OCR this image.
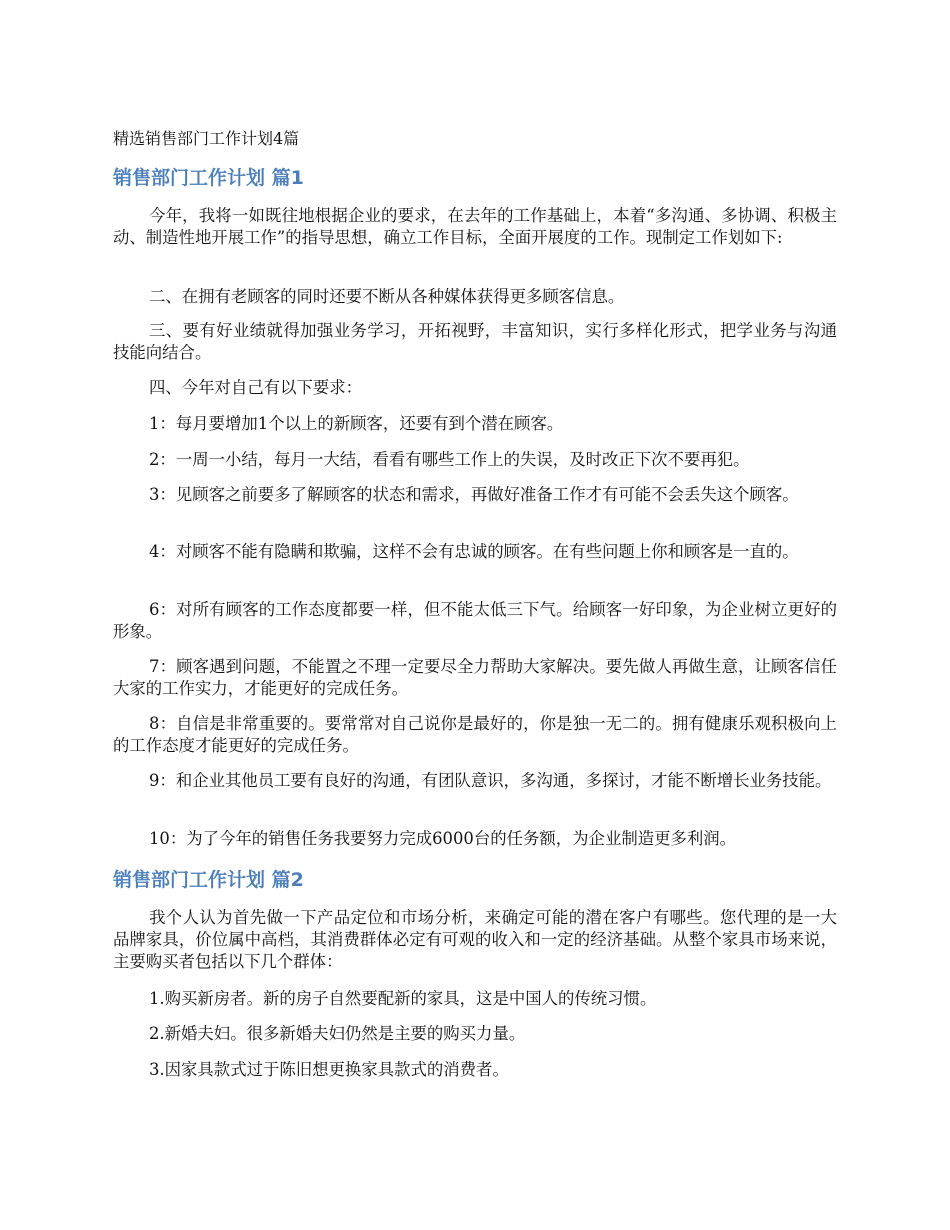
精选销售部门工作计划4篇

销售部门工作计划 篇1

今年，我将一如既往地根据企业的要求，在去年的工作基础上，本着“多沟通、多协调、积极主动、制造性地开展工作”的指导思想，确立工作目标，全面开展度的工作。现制定工作划如下:

二、在拥有老顾客的同时还要不断从各种媒体获得更多顾客信息。

三、要有好业绩就得加强业务学习，开拓视野，丰富知识，实行多样化形式，把学业务与沟通技能向结合。

四、今年对自己有以下要求：

1：每月要增加1个以上的新顾客，还要有到个潜在顾客。

2：一周一小结，每月一大结，看看有哪些工作上的失误，及时改正下次不要再犯。

3：见顾客之前要多了解顾客的状态和需求，再做好准备工作才有可能不会丢失这个顾客。

4：对顾客不能有隐瞒和欺骗，这样不会有忠诚的顾客。在有些问题上你和顾客是一直的。

6：对所有顾客的工作态度都要一样，但不能太低三下气。给顾客一好印象，为企业树立更好的形象。

7：顾客遇到问题，不能置之不理一定要尽全力帮助大家解决。要先做人再做生意，让顾客信任大家的工作实力，才能更好的完成任务。

8：自信是非常重要的。要常常对自己说你是最好的，你是独一无二的。拥有健康乐观积极向上的工作态度才能更好的完成任务。

9：和企业其他员工要有良好的沟通，有团队意识，多沟通，多探讨，才能不断增长业务技能。

10：为了今年的销售任务我要努力完成6000台的任务额，为企业制造更多利润。

销售部门工作计划 篇2

我个人认为首先做一下产品定位和市场分析，来确定可能的潜在客户有哪些。您代理的是一大品牌家具，价位属中高档，其消费群体必定有可观的收入和一定的经济基础。从整个家具市场来说，主要购买者包括以下几个群体：

1.购买新房者。新的房子自然要配新的家具，这是中国人的传统习惯。

2.新婚夫妇。很多新婚夫妇仍然是主要的购买力量。

3.因家具款式过于陈旧想更换家具款式的消费者。
